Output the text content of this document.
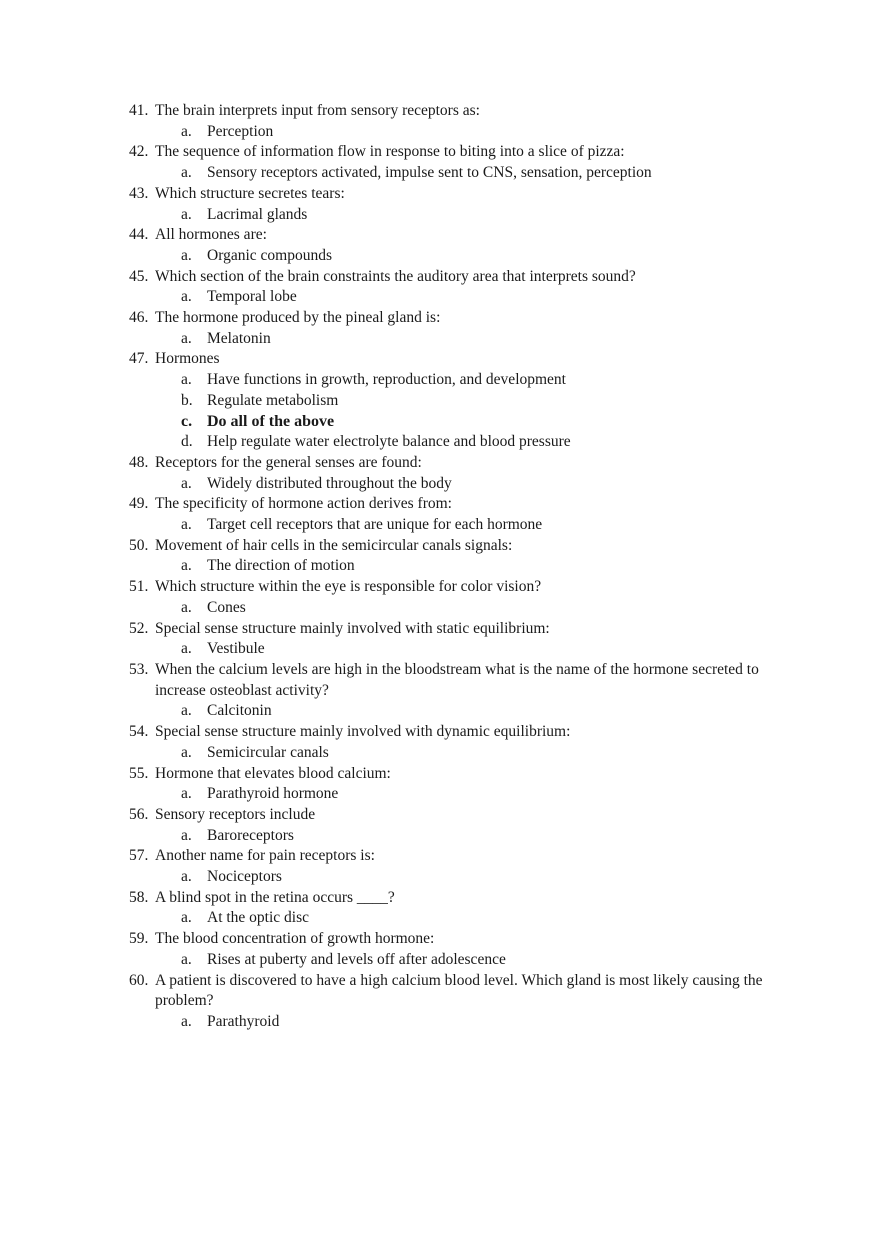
41. The brain interprets input from sensory receptors as:
a. Perception
42. The sequence of information flow in response to biting into a slice of pizza:
a. Sensory receptors activated, impulse sent to CNS, sensation, perception
43. Which structure secretes tears:
a. Lacrimal glands
44. All hormones are:
a. Organic compounds
45. Which section of the brain constraints the auditory area that interprets sound?
a. Temporal lobe
46. The hormone produced by the pineal gland is:
a. Melatonin
47. Hormones
a. Have functions in growth, reproduction, and development
b. Regulate metabolism
c. Do all of the above
d. Help regulate water electrolyte balance and blood pressure
48. Receptors for the general senses are found:
a. Widely distributed throughout the body
49. The specificity of hormone action derives from:
a. Target cell receptors that are unique for each hormone
50. Movement of hair cells in the semicircular canals signals:
a. The direction of motion
51. Which structure within the eye is responsible for color vision?
a. Cones
52. Special sense structure mainly involved with static equilibrium:
a. Vestibule
53. When the calcium levels are high in the bloodstream what is the name of the hormone secreted to increase osteoblast activity?
a. Calcitonin
54. Special sense structure mainly involved with dynamic equilibrium:
a. Semicircular canals
55. Hormone that elevates blood calcium:
a. Parathyroid hormone
56. Sensory receptors include
a. Baroreceptors
57. Another name for pain receptors is:
a. Nociceptors
58. A blind spot in the retina occurs ____?
a. At the optic disc
59. The blood concentration of growth hormone:
a. Rises at puberty and levels off after adolescence
60. A patient is discovered to have a high calcium blood level. Which gland is most likely causing the problem?
a. Parathyroid
